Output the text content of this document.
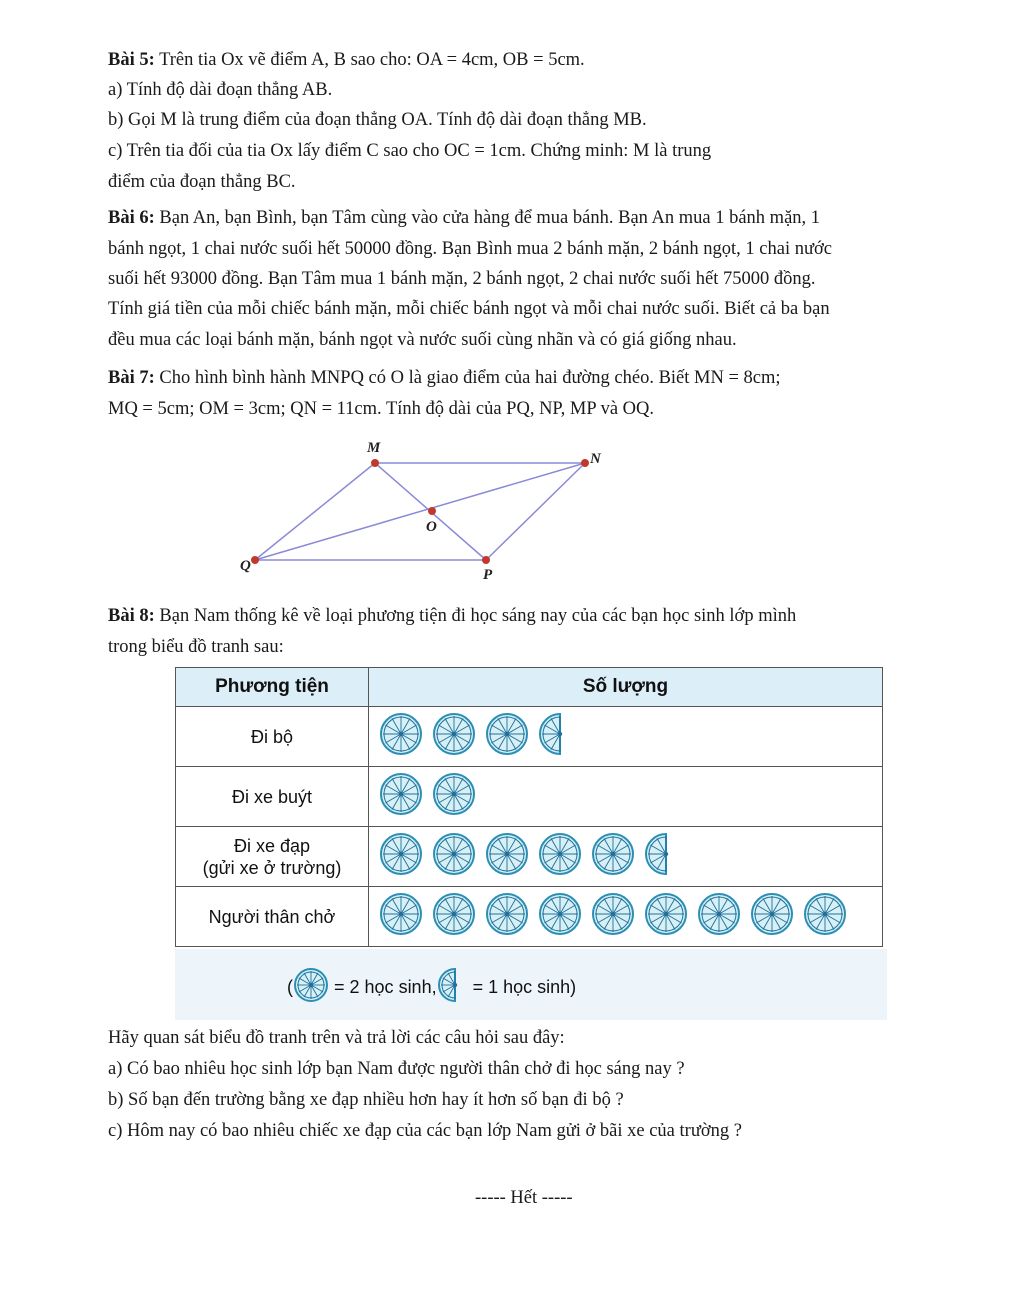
Bài 5: Trên tia Ox vẽ điểm A, B sao cho: OA = 4cm, OB = 5cm.
a) Tính độ dài đoạn thẳng AB.
b) Gọi M là trung điểm của đoạn thẳng OA. Tính độ dài đoạn thẳng MB.
c) Trên tia đối của tia Ox lấy điểm C sao cho OC = 1cm. Chứng minh: M là trung
điểm của đoạn thẳng BC.
Bài 6: Bạn An, bạn Bình, bạn Tâm cùng vào cửa hàng để mua bánh. Bạn An mua 1 bánh mặn, 1
bánh ngọt, 1 chai nước suối hết 50000 đồng. Bạn Bình mua 2 bánh mặn, 2 bánh ngọt, 1 chai nước
suối hết 93000 đồng. Bạn Tâm mua 1 bánh mặn, 2 bánh ngọt, 2 chai nước suối hết 75000 đồng.
Tính giá tiền của mỗi chiếc bánh mặn, mỗi chiếc bánh ngọt và mỗi chai nước suối. Biết cả ba bạn
đều mua các loại bánh mặn, bánh ngọt và nước suối cùng nhãn và có giá giống nhau.
Bài 7: Cho hình bình hành MNPQ có O là giao điểm của hai đường chéo. Biết MN = 8cm;
MQ = 5cm; OM = 3cm; QN = 11cm. Tính độ dài của PQ, NP, MP và OQ.
M
N
P
Q
O
Bài 8: Bạn Nam thống kê về loại phương tiện đi học sáng nay của các bạn học sinh lớp mình
trong biểu đồ tranh sau:
Phương tiện	Số lượng

Đi bộ

Đi xe buýt

Đi xe đạp
(gửi xe ở trường)

Người thân chở

( = 2 học sinh, = 1 học sinh)
Hãy quan sát biểu đồ tranh trên và trả lời các câu hỏi sau đây:
a) Có bao nhiêu học sinh lớp bạn Nam được người thân chở đi học sáng nay ?
b) Số bạn đến trường bằng xe đạp nhiều hơn hay ít hơn số bạn đi bộ ?
c) Hôm nay có bao nhiêu chiếc xe đạp của các bạn lớp Nam gửi ở bãi xe của trường ?
----- Hết -----
